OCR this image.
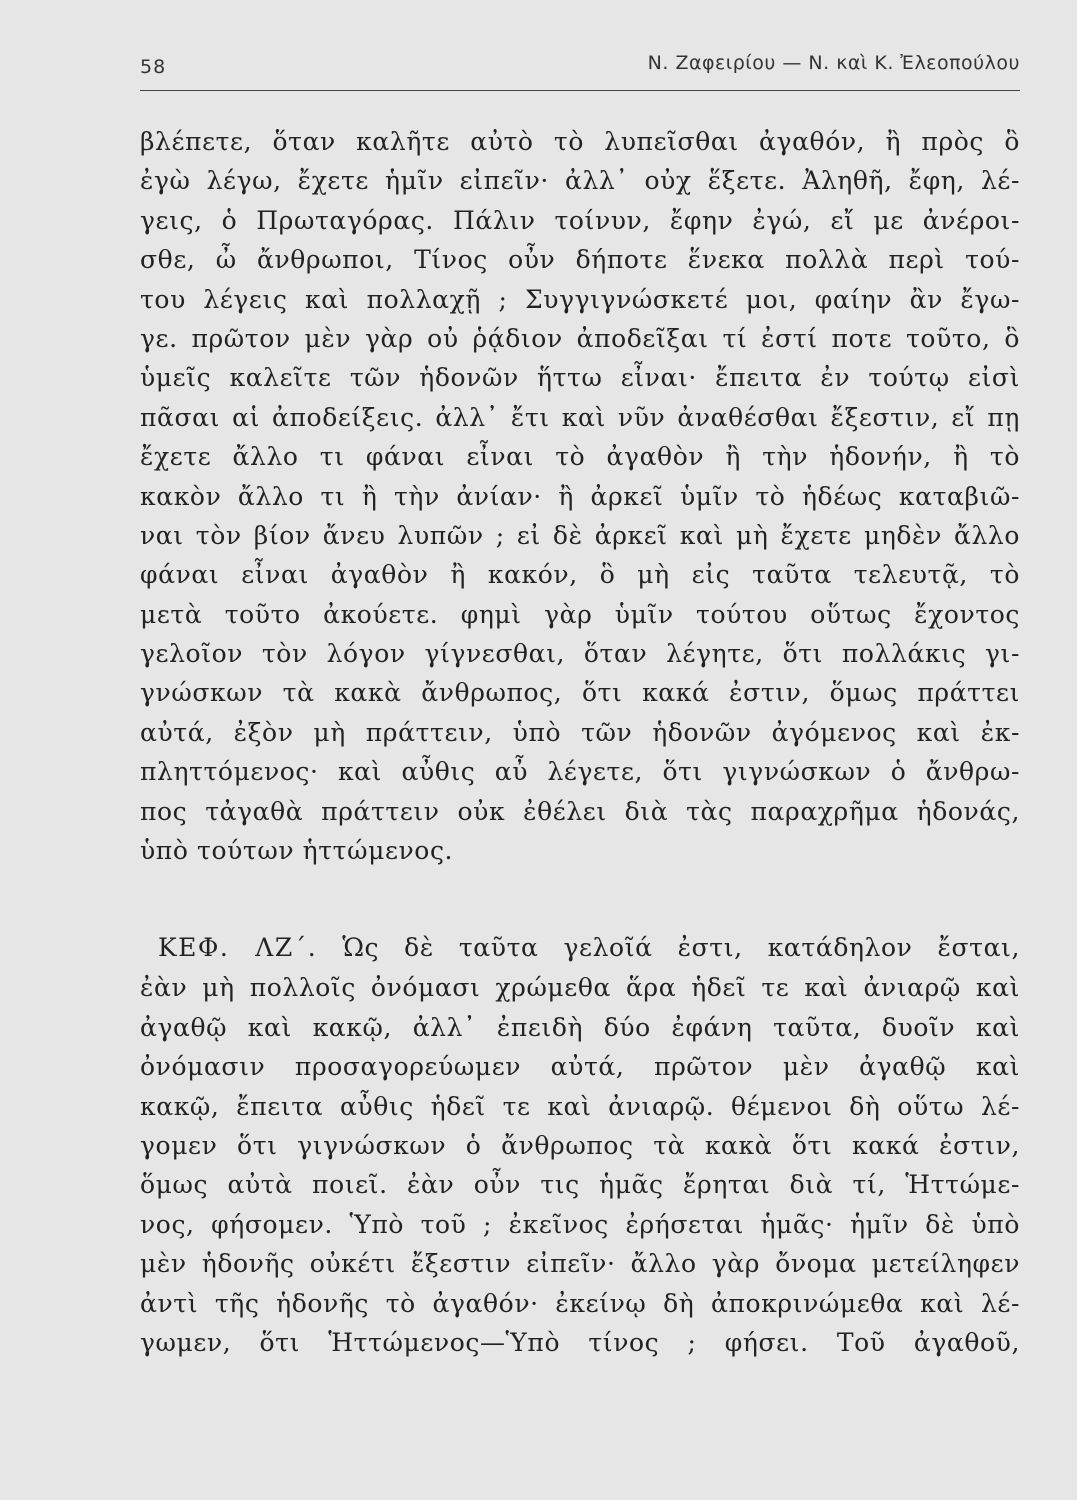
58	Ν. Ζαφειρίου — Ν. καὶ Κ. Ἐλεοπούλου
βλέπετε, ὅταν καλῆτε αὐτὸ τὸ λυπεῖσθαι ἀγαθόν, ἢ πρὸς ὃ
ἐγὼ λέγω, ἔχετε ἡμῖν εἰπεῖν· ἀλλ᾽ οὐχ ἕξετε. Ἀληθῆ, ἔφη, λέ-
γεις, ὁ Πρωταγόρας. Πάλιν τοίνυν, ἔφην ἐγώ, εἴ με ἀνέροι-
σθε, ὦ ἄνθρωποι, Τίνος οὖν δήποτε ἕνεκα πολλὰ περὶ τού-
του λέγεις καὶ πολλαχῇ ; Συγγιγνώσκετέ μοι, φαίην ἂν ἔγω-
γε. πρῶτον μὲν γὰρ οὐ ῥᾴδιον ἀποδεῖξαι τί ἐστί ποτε τοῦτο, ὃ
ὑμεῖς καλεῖτε τῶν ἡδονῶν ἥττω εἶναι· ἔπειτα ἐν τούτῳ εἰσὶ
πᾶσαι αἱ ἀποδείξεις. ἀλλ᾽ ἔτι καὶ νῦν ἀναθέσθαι ἔξεστιν, εἴ πῃ
ἔχετε ἄλλο τι φάναι εἶναι τὸ ἀγαθὸν ἢ τὴν ἡδονήν, ἢ τὸ
κακὸν ἄλλο τι ἢ τὴν ἀνίαν· ἢ ἀρκεῖ ὑμῖν τὸ ἡδέως καταβιῶ-
ναι τὸν βίον ἄνευ λυπῶν ; εἰ δὲ ἀρκεῖ καὶ μὴ ἔχετε μηδὲν ἄλλο
φάναι εἶναι ἀγαθὸν ἢ κακόν, ὃ μὴ εἰς ταῦτα τελευτᾷ, τὸ
μετὰ τοῦτο ἀκούετε. φημὶ γὰρ ὑμῖν τούτου οὕτως ἔχοντος
γελοῖον τὸν λόγον γίγνεσθαι, ὅταν λέγητε, ὅτι πολλάκις γι-
γνώσκων τὰ κακὰ ἄνθρωπος, ὅτι κακά ἐστιν, ὅμως πράττει
αὐτά, ἐξὸν μὴ πράττειν, ὑπὸ τῶν ἡδονῶν ἀγόμενος καὶ ἐκ-
πληττόμενος· καὶ αὖθις αὖ λέγετε, ὅτι γιγνώσκων ὁ ἄνθρω-
πος τἀγαθὰ πράττειν οὐκ ἐθέλει διὰ τὰς παραχρῆμα ἡδονάς,
ὑπὸ τούτων ἡττώμενος.
ΚΕΦ. ΛΖ΄. Ὡς δὲ ταῦτα γελοῖά ἐστι, κατάδηλον ἔσται,
ἐὰν μὴ πολλοῖς ὀνόμασι χρώμεθα ἅρα ἡδεῖ τε καὶ ἀνιαρῷ καὶ
ἀγαθῷ καὶ κακῷ, ἀλλ᾽ ἐπειδὴ δύο ἐφάνη ταῦτα, δυοῖν καὶ
ὀνόμασιν προσαγορεύωμεν αὐτά, πρῶτον μὲν ἀγαθῷ καὶ
κακῷ, ἔπειτα αὖθις ἡδεῖ τε καὶ ἀνιαρῷ. θέμενοι δὴ οὕτω λέ-
γομεν ὅτι γιγνώσκων ὁ ἄνθρωπος τὰ κακὰ ὅτι κακά ἐστιν,
ὅμως αὐτὰ ποιεῖ. ἐὰν οὖν τις ἡμᾶς ἔρηται διὰ τί, Ἡττώμε-
νος, φήσομεν. Ὑπὸ τοῦ ; ἐκεῖνος ἐρήσεται ἡμᾶς· ἡμῖν δὲ ὑπὸ
μὲν ἡδονῆς οὐκέτι ἔξεστιν εἰπεῖν· ἄλλο γὰρ ὄνομα μετείληφεν
ἀντὶ τῆς ἡδονῆς τὸ ἀγαθόν· ἐκείνῳ δὴ ἀποκρινώμεθα καὶ λέ-
γωμεν, ὅτι Ἡττώμενος—Ὑπὸ τίνος ; φήσει. Τοῦ ἀγαθοῦ,
